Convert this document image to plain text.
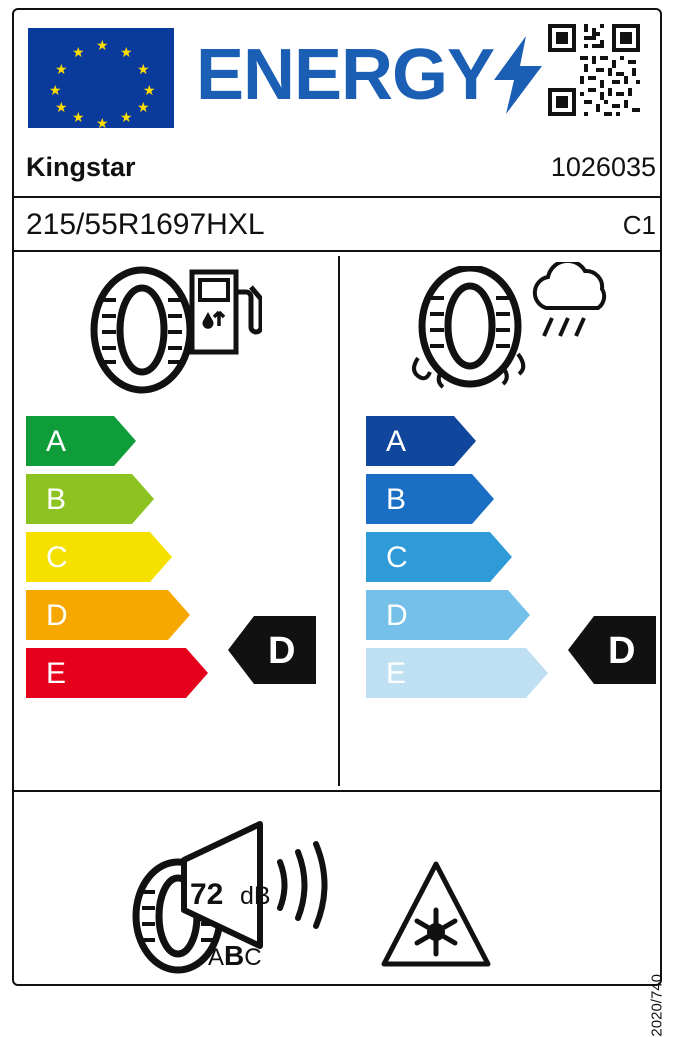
★
★	★
★	★
★	★
★	★
★	★
★
ENERGY
Kingstar	1026035
215/55R1697HXL	C1
A
B
C
D
E
D
A
B
C
D
E
D
72 dB
ABC
2020/740
